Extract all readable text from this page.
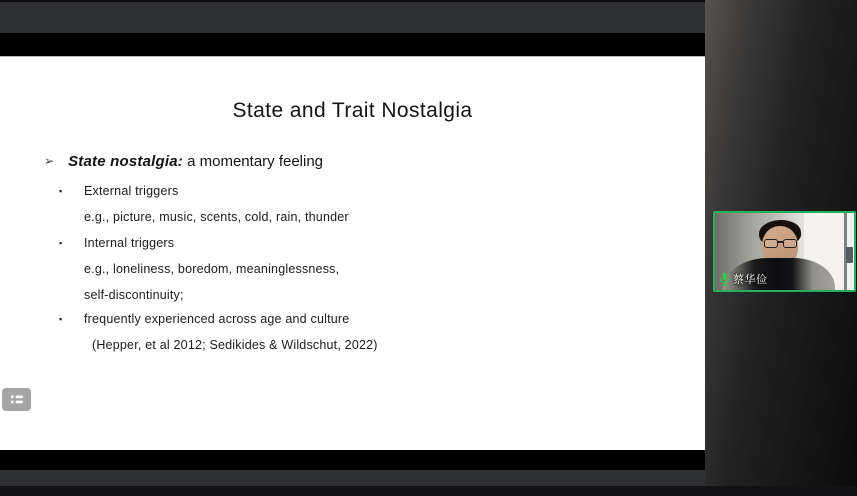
State and Trait Nostalgia
➢ State nostalgia: a momentary feeling
▪ External triggers
e.g., picture, music, scents, cold, rain, thunder
▪ Internal triggers
e.g., loneliness, boredom, meaninglessness,
self-discontinuity;
▪ frequently experienced across age and culture
(Hepper, et al 2012; Sedikides & Wildschut, 2022)
蔡华俭
